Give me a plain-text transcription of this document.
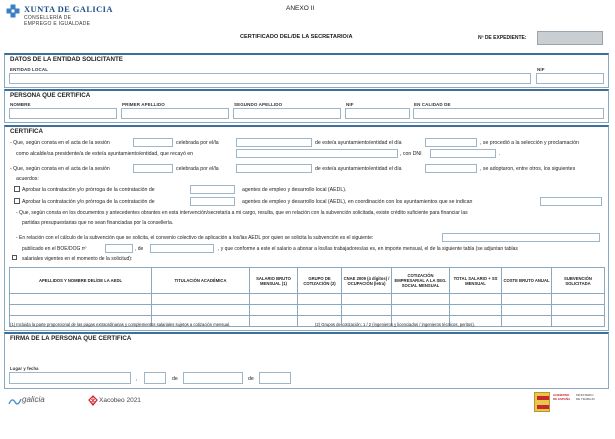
XUNTA DE GALICIA
CONSELLERÍA DE
EMPREGO E IGUALDADE
ANEXO II
CERTIFICADO DEL/DE LA SECRETARIO/A	Nº DE EXPEDIENTE:
DATOS DE LA ENTIDAD SOLICITANTE
ENTIDAD LOCAL	NIF
PERSONA QUE CERTIFICA
NOMBRE	PRIMER APELLIDO	SEGUNDO APELLIDO	NIF	EN CALIDAD DE
CERTIFICA
- Que, según consta en el acta de la sesión	celebrada por el/la	de este/a ayuntamiento/entidad el día	, se procedió a la selección y proclamación
como alcalde/sa presidente/a de este/a ayuntamiento/entidad, que recayó en	, con DNI	.
- Que, según consta en el acta de la sesión	celebrada por el/la	de este/a ayuntamiento/entidad el día	, se adoptaron, entre otros, los siguientes
acuerdos:
Aprobar la contratación y/o prórroga de la contratación de	agentes de empleo y desarrollo local (AEDL).
Aprobar la contratación y/o prórroga de la contratación de	agentes de empleo y desarrollo local (AEDL), en coordinación con los ayuntamientos que se indican
- Que, según consta en los documentos y antecedentes obrantes en esta intervención/secretaría a mi cargo, resulta, que en relación con la subvención solicitada, existe crédito suficiente para financiar las
partidas presupuestarias que no sean financiadas por la consellería.
- En relación con el cálculo de la subvención que se solicita, el convenio colectivo de aplicación a los/las AEDL por quien se solicita la subvención es el siguiente:
publicado en el BOE/DOG nº	, de	, y que conforme a este el salario a abonar a los/las trabajadores/as es, en importe mensual, el de la siguiente tabla (se adjuntan tablas
salariales vigentes en el momento de la solicitud):
APELLIDOS Y NOMBRE DEL/DE LA AEDL	TITULACIÓN ACADÉMICA	SALARIO BRUTO MENSUAL (1)	GRUPO DE COTIZACIÓN (2)	CNAE 2009 (4 dígitos) / OCUPACIÓN (letra)	COTIZACIÓN EMPRESARIAL A LA SEG. SOCIAL MENSUAL	TOTAL SALARIO + SS MENSUAL	COSTE BRUTO ANUAL	SUBVENCIÓN SOLICITADA

(1) Incluida la parte proporcional de las pagas extraordinarias y complementos salariales sujetos a cotización mensual.	(2) Grupos de cotización: 1 / 2 (ingenieros y licenciados / ingenieros técnicos, peritos).
FIRMA DE LA PERSONA QUE CERTIFICA
Lugar y fecha
,	de	de
galicia	Xacobeo 2021
GOBIERNO
DE ESPAÑA
MINISTERIO
DE TRABAJO
